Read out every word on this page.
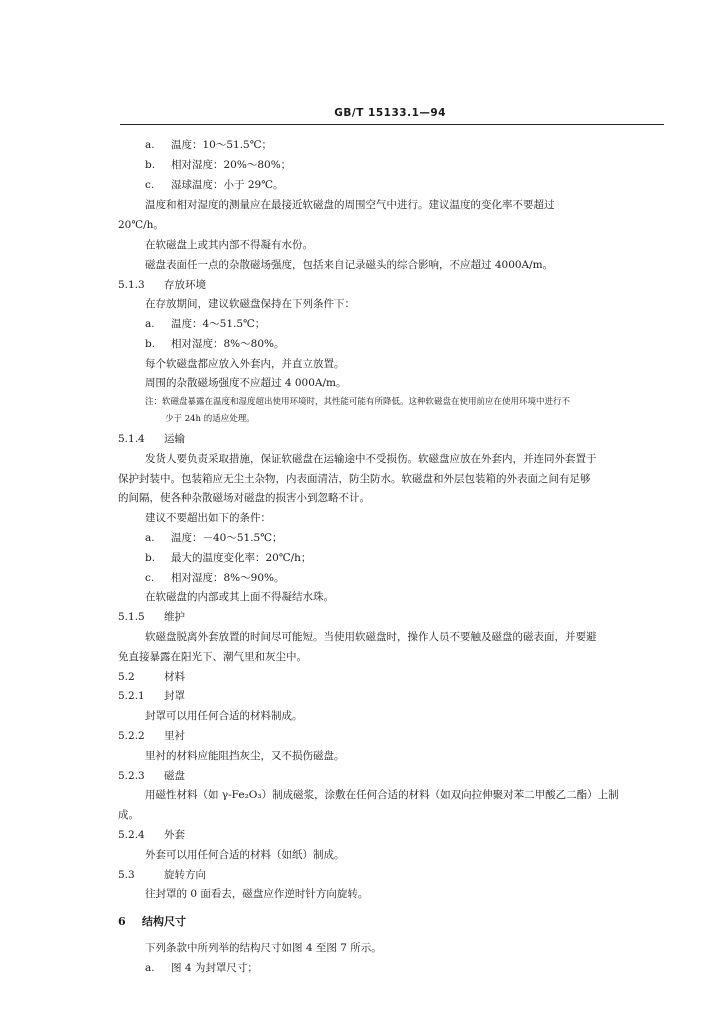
GB/T 15133.1—94
a. 温度：10～51.5℃；
b. 相对湿度：20%～80%；
c. 湿球温度：小于 29℃。
温度和相对湿度的测量应在最接近软磁盘的周围空气中进行。建议温度的变化率不要超过
20℃/h。
在软磁盘上或其内部不得凝有水份。
磁盘表面任一点的杂散磁场强度，包括来自记录磁头的综合影响，不应超过 4000A/m。
5.1.3 存放环境
在存放期间，建议软磁盘保持在下列条件下：
a. 温度：4～51.5℃；
b. 相对湿度：8%～80%。
每个软磁盘都应放入外套内，并直立放置。
周围的杂散磁场强度不应超过 4 000A/m。
注：软磁盘暴露在温度和湿度超出使用环境时，其性能可能有所降低。这种软磁盘在使用前应在使用环境中进行不
少于 24h 的适应处理。
5.1.4 运输
发货人要负责采取措施，保证软磁盘在运输途中不受损伤。软磁盘应放在外套内，并连同外套置于
保护封装中。包装箱应无尘土杂物，内表面清洁，防尘防水。软磁盘和外层包装箱的外表面之间有足够
的间隔，使各种杂散磁场对磁盘的损害小到忽略不计。
建议不要超出如下的条件：
a. 温度：－40～51.5℃；
b. 最大的温度变化率：20℃/h；
c. 相对湿度：8%～90%。
在软磁盘的内部或其上面不得凝结水珠。
5.1.5 维护
软磁盘脱离外套放置的时间尽可能短。当使用软磁盘时，操作人员不要触及磁盘的磁表面，并要避
免直接暴露在阳光下、潮气里和灰尘中。
5.2	材料
5.2.1 封罩
封罩可以用任何合适的材料制成。
5.2.2 里衬
里衬的材料应能阻挡灰尘，又不损伤磁盘。
5.2.3 磁盘
用磁性材料（如 γ-Fe₂O₃）制成磁浆，涂敷在任何合适的材料（如双向拉伸聚对苯二甲酸乙二酯）上制
成。
5.2.4 外套
外套可以用任何合适的材料（如纸）制成。
5.3	旋转方向
往封罩的 0 面看去，磁盘应作逆时针方向旋转。
6 结构尺寸
下列条款中所列举的结构尺寸如图 4 至图 7 所示。
a. 图 4 为封罩尺寸；
